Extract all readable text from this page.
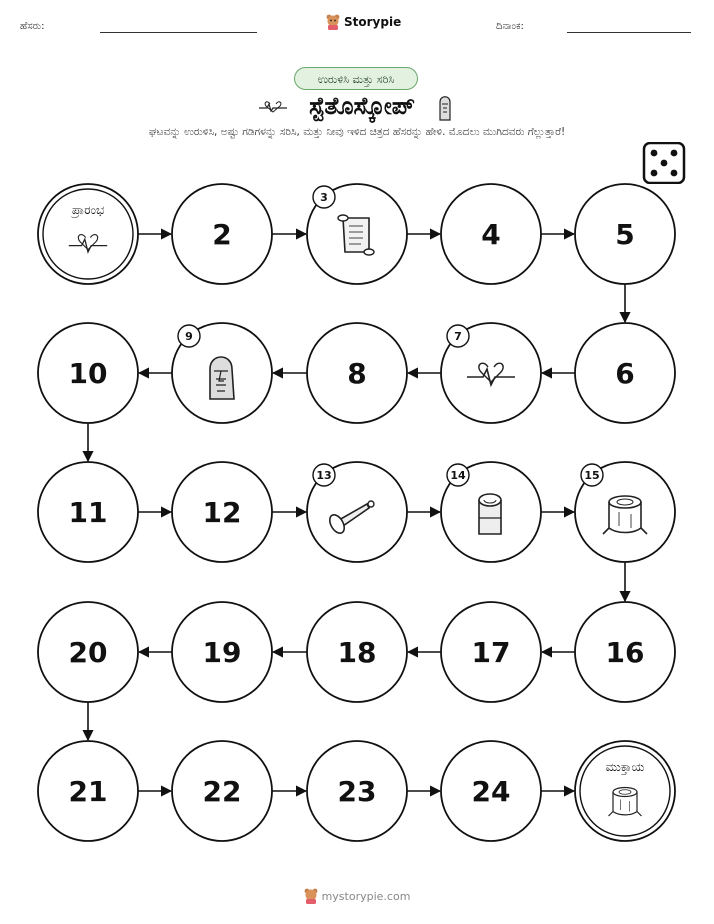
ಹೆಸರು:	Storypie	ದಿನಾಂಕ:
ಉರುಳಿಸಿ ಮತ್ತು ಸರಿಸಿ
ಸ್ಟೆತೊಸ್ಕೋಪ್
ಘಟವನ್ನು ಉರುಳಿಸಿ, ಅಷ್ಟು ಗಡಿಗಳನ್ನು ಸರಿಸಿ, ಮತ್ತು ನೀವು ಇಳಿದ ಚಿತ್ರದ ಹೆಸರನ್ನು ಹೇಳಿ. ಮೊದಲು ಮುಗಿದವರು ಗೆಲ್ಲುತ್ತಾರೆ!
ಪ್ರಾರಂಭ
2
3
4	5
6
7
8
9
10
11	12
13	14	15
16
17
18
19
20
21	22	23	24
ಮುಕ್ತಾಯ
mystorypie.com
